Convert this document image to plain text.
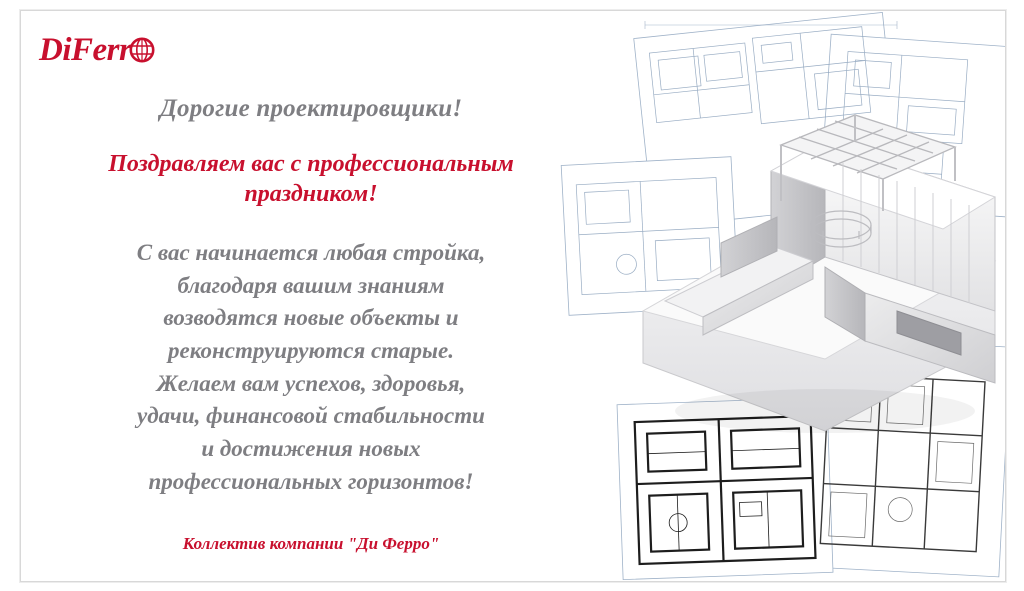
DiFerr

Дорогие проектировщики!

Поздравляем вас с профессиональным праздником!

С вас начинается любая стройка,
благодаря вашим знаниям
возводятся новые объекты и
реконструируются старые.
Желаем вам успехов, здоровья,
удачи, финансовой стабильности
и достижения новых
профессиональных горизонтов!

Коллектив компании "Ди Ферро"
